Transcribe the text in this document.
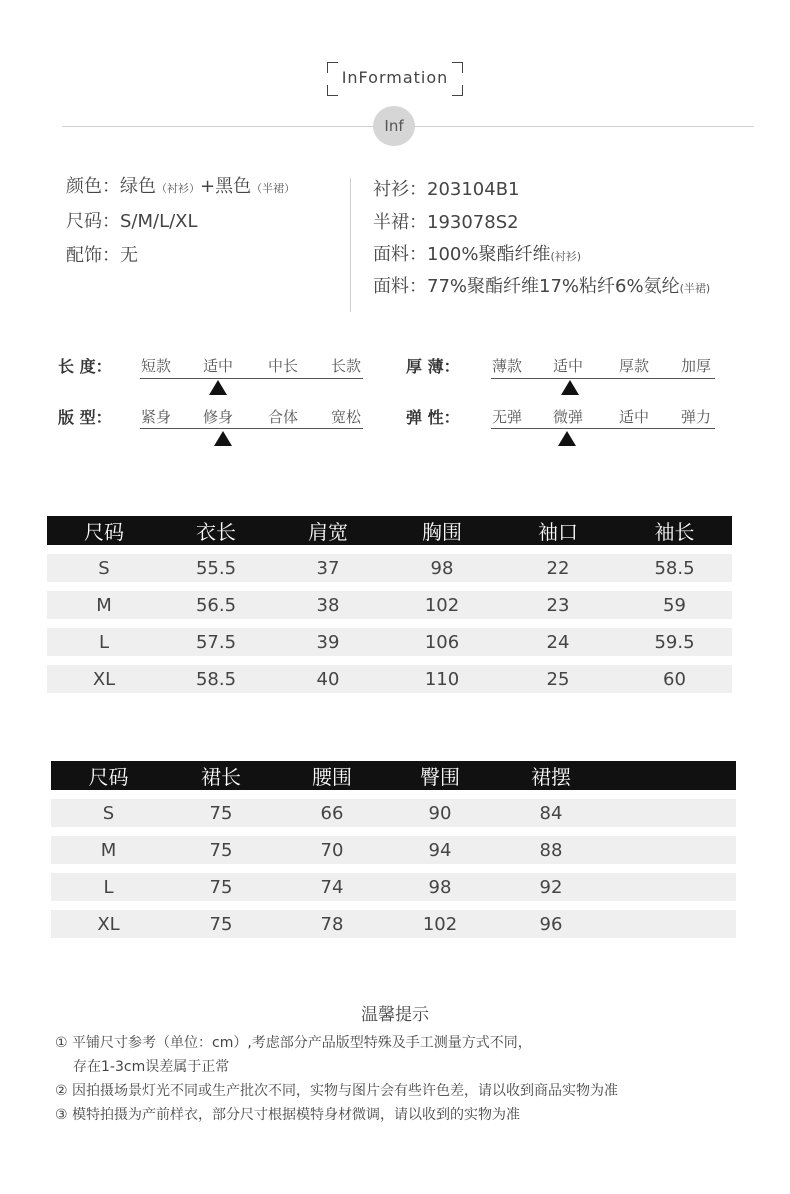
InFormation
Inf
颜色：绿色（衬衫）+黑色（半裙）
尺码：S/M/L/XL
配饰：无
衬衫：203104B1
半裙：193078S2
面料：100%聚酯纤维(衬衫)
面料：77%聚酯纤维17%粘纤6%氨纶(半裙)
长 度： 短款 适中 中长 长款	厚 薄： 薄款 适中 厚款 加厚
版 型： 紧身 修身 合体 宽松	弹 性： 无弹 微弹 适中 弹力
尺码	衣长	肩宽	胸围	袖口	袖长
S	55.5	37	98	22	58.5
M	56.5	38	102	23	59
L	57.5	39	106	24	59.5
XL	58.5	40	110	25	60
尺码	裙长	腰围	臀围	裙摆	
S	75	66	90	84	
M	75	70	94	88	
L	75	74	98	92	
XL	75	78	102	96	
温馨提示
① 平铺尺寸参考（单位：cm）,考虑部分产品版型特殊及手工测量方式不同，
存在1-3cm误差属于正常
② 因拍摄场景灯光不同或生产批次不同，实物与图片会有些许色差，请以收到商品实物为准
③ 模特拍摄为产前样衣，部分尺寸根据模特身材微调，请以收到的实物为准
